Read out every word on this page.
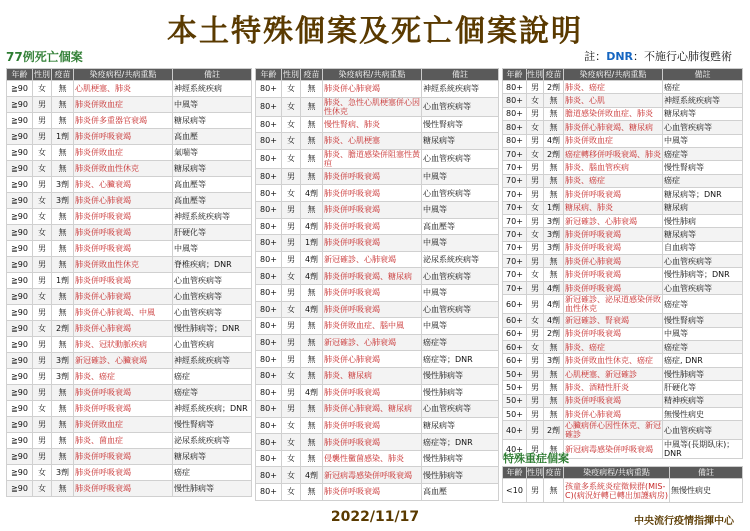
本土特殊個案及死亡個案說明
77例死亡個案	註：DNR：不施行心肺復甦術
年齡	性別	疫苗	染疫病程/共病重點	備註
≧90	女	無	心肌梗塞、肺炎	神經系統疾病
≧90	男	無	肺炎併敗血症	中風等
≧90	男	無	肺炎併多重器官衰竭	糖尿病等
≧90	男	1劑	肺炎併呼吸衰竭	高血壓
≧90	女	無	肺炎併敗血症	氣喘等
≧90	女	無	肺炎併敗血性休克	糖尿病等
≧90	男	3劑	肺炎、心臟衰竭	高血壓等
≧90	女	3劑	肺炎併心肺衰竭	高血壓等
≧90	女	無	肺炎併呼吸衰竭	神經系統疾病等
≧90	女	無	肺炎併呼吸衰竭	肝硬化等
≧90	男	無	肺炎併呼吸衰竭	中風等
≧90	男	無	肺炎併敗血性休克	脊椎疾病；DNR
≧90	男	1劑	肺炎併呼吸衰竭	心血管疾病等
≧90	女	無	肺炎併心肺衰竭	心血管疾病等
≧90	男	無	肺炎併心肺衰竭、中風	心血管疾病等
≧90	女	2劑	肺炎併心肺衰竭	慢性肺病等；DNR
≧90	男	無	肺炎、冠狀動脈疾病	心血管疾病
≧90	男	3劑	新冠確診、心臟衰竭	神經系統疾病等
≧90	男	3劑	肺炎、癌症	癌症
≧90	男	無	肺炎併呼吸衰竭	癌症等
≧90	女	無	肺炎併呼吸衰竭	神經系統疾病；DNR
≧90	男	無	肺炎併敗血症	慢性腎病等
≧90	男	無	肺炎、菌血症	泌尿系統疾病等
≧90	男	無	肺炎併呼吸衰竭	糖尿病等
≧90	女	3劑	肺炎併呼吸衰竭	癌症
≧90	女	無	肺炎併呼吸衰竭	慢性肺病等
年齡	性別	疫苗	染疫病程/共病重點	備註
80+	女	無	肺炎併心肺衰竭	神經系統疾病等
80+	女	無	肺炎、急性心肌梗塞併心因性休克	心血管疾病等
80+	女	無	慢性腎病、肺炎	慢性腎病等
80+	女	無	肺炎、心肌梗塞	糖尿病等
80+	女	無	肺炎、膽道感染併阻塞性黃疸	心血管疾病等
80+	男	無	肺炎併呼吸衰竭	中風等
80+	女	4劑	肺炎併呼吸衰竭	心血管疾病等
80+	男	無	肺炎併呼吸衰竭	中風等
80+	男	4劑	肺炎併呼吸衰竭	高血壓等
80+	男	1劑	肺炎併呼吸衰竭	中風等
80+	男	4劑	新冠確診、心肺衰竭	泌尿系統疾病等
80+	女	4劑	肺炎併呼吸衰竭、糖尿病	心血管疾病等
80+	男	無	肺炎併呼吸衰竭	中風等
80+	女	4劑	肺炎併呼吸衰竭	心血管疾病等
80+	男	無	肺炎併敗血症、腦中風	中風等
80+	男	無	新冠確診、心肺衰竭	癌症等
80+	男	無	肺炎併心肺衰竭	癌症等；DNR
80+	女	無	肺炎、糖尿病	慢性肺病等
80+	男	4劑	肺炎併呼吸衰竭	慢性肺病等
80+	男	無	肺炎併心肺衰竭、糖尿病	心血管疾病等
80+	女	無	肺炎併呼吸衰竭	糖尿病等
80+	女	無	肺炎併呼吸衰竭	癌症等；DNR
80+	女	無	侵襲性黴菌感染、肺炎	慢性肺病等
80+	女	4劑	新冠病毒感染併呼吸衰竭	慢性肺病等
80+	女	無	肺炎併呼吸衰竭	高血壓
年齡	性別	疫苗	染疫病程/共病重點	備註
80+	男	2劑	肺炎、癌症	癌症
80+	女	無	肺炎、心肌	神經系統疾病等
80+	男	無	膽道感染併敗血症、肺炎	糖尿病等
80+	女	無	肺炎併心肺衰竭、糖尿病	心血管疾病等
80+	男	4劑	肺炎併敗血症	中風等
70+	女	2劑	癌症轉移併呼吸衰竭、肺炎	癌症等
70+	男	無	肺炎、腦血管疾病	慢性腎病等
70+	男	無	肺炎、癌症	癌症
70+	男	無	肺炎併呼吸衰竭	糖尿病等；DNR
70+	女	1劑	糖尿病、肺炎	糖尿病
70+	男	3劑	新冠確診、心肺衰竭	慢性肺病
70+	女	3劑	肺炎併呼吸衰竭	糖尿病等
70+	男	3劑	肺炎併呼吸衰竭	自血病等
70+	男	無	肺炎併心肺衰竭	心血管疾病等
70+	女	無	肺炎併呼吸衰竭	慢性肺病等；DNR
70+	男	4劑	肺炎併呼吸衰竭	心血管疾病等
60+	男	4劑	新冠確診、泌尿道感染併敗血性休克	癌症等
60+	女	4劑	新冠確診、腎衰竭	慢性腎病等
60+	男	2劑	肺炎併呼吸衰竭	中風等
60+	女	無	肺炎、癌症	癌症等
60+	男	3劑	肺炎併敗血性休克、癌症	癌症, DNR
50+	男	無	心肌梗塞、新冠確診	慢性肺病等
50+	男	無	肺炎、酒精性肝炎	肝硬化等
50+	男	無	肺炎併呼吸衰竭	精神疾病等
50+	男	無	肺炎併心肺衰竭	無慢性病史
40+	男	2劑	心臟病併心因性休克、新冠確診	心血管疾病等
40+	男	無	新冠病毒感染併呼吸衰竭	中風等(長期臥床)；DNR
特殊重症個案
年齡	性別	疫苗	染疫病程/共病重點	備註
<10	男	無	孩童多系統炎症徵候群(MIS-C)(病況好轉已轉出加護病房)	無慢性病史
2022/11/17	中央流行疫情指揮中心
